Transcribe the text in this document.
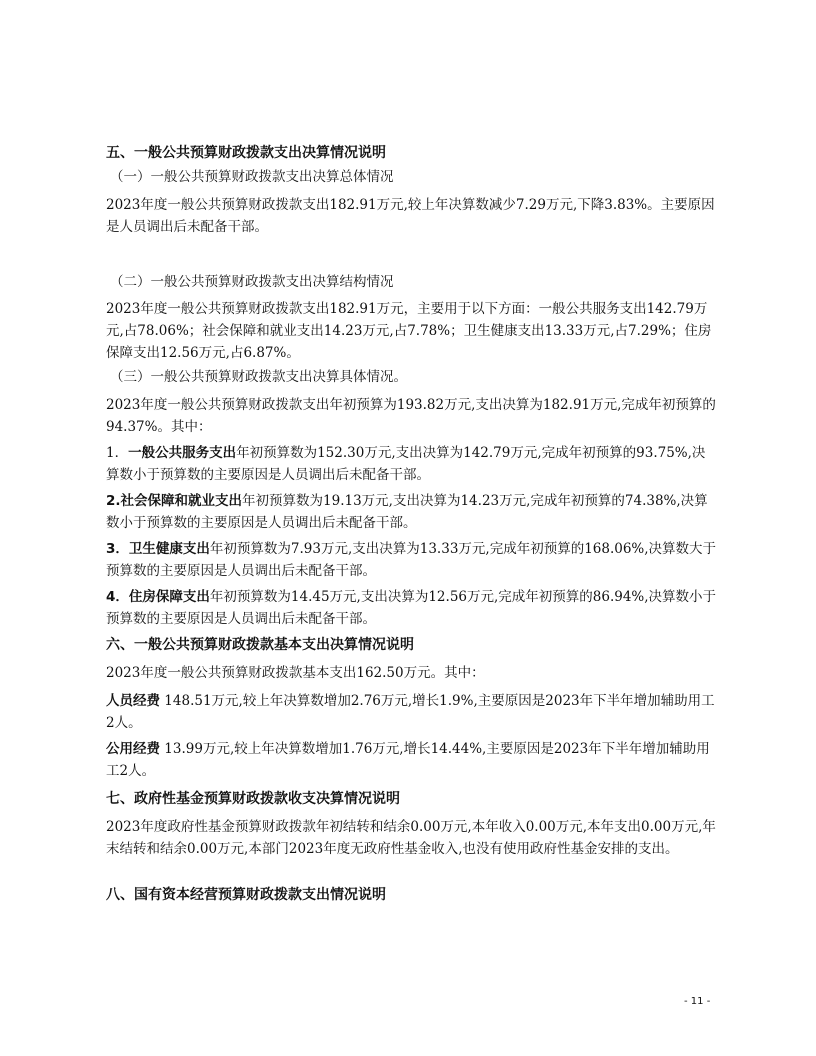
五、一般公共预算财政拨款支出决算情况说明

（一）一般公共预算财政拨款支出决算总体情况

2023年度一般公共预算财政拨款支出182.91万元,较上年决算数减少7.29万元,下降3.83%。主要原因是人员调出后未配备干部。

（二）一般公共预算财政拨款支出决算结构情况

2023年度一般公共预算财政拨款支出182.91万元，主要用于以下方面：一般公共服务支出142.79万元,占78.06%；社会保障和就业支出14.23万元,占7.78%；卫生健康支出13.33万元,占7.29%；住房保障支出12.56万元,占6.87%。

（三）一般公共预算财政拨款支出决算具体情况。

2023年度一般公共预算财政拨款支出年初预算为193.82万元,支出决算为182.91万元,完成年初预算的94.37%。其中：

1．一般公共服务支出年初预算数为152.30万元,支出决算为142.79万元,完成年初预算的93.75%,决算数小于预算数的主要原因是人员调出后未配备干部。

2.社会保障和就业支出年初预算数为19.13万元,支出决算为14.23万元,完成年初预算的74.38%,决算数小于预算数的主要原因是人员调出后未配备干部。

3．卫生健康支出年初预算数为7.93万元,支出决算为13.33万元,完成年初预算的168.06%,决算数大于预算数的主要原因是人员调出后未配备干部。

4．住房保障支出年初预算数为14.45万元,支出决算为12.56万元,完成年初预算的86.94%,决算数小于预算数的主要原因是人员调出后未配备干部。

六、一般公共预算财政拨款基本支出决算情况说明

2023年度一般公共预算财政拨款基本支出162.50万元。其中：

人员经费 148.51万元,较上年决算数增加2.76万元,增长1.9%,主要原因是2023年下半年增加辅助用工2人。

公用经费 13.99万元,较上年决算数增加1.76万元,增长14.44%,主要原因是2023年下半年增加辅助用工2人。

七、政府性基金预算财政拨款收支决算情况说明

2023年度政府性基金预算财政拨款年初结转和结余0.00万元,本年收入0.00万元,本年支出0.00万元,年末结转和结余0.00万元,本部门2023年度无政府性基金收入,也没有使用政府性基金安排的支出。

八、国有资本经营预算财政拨款支出情况说明

- 11 -
